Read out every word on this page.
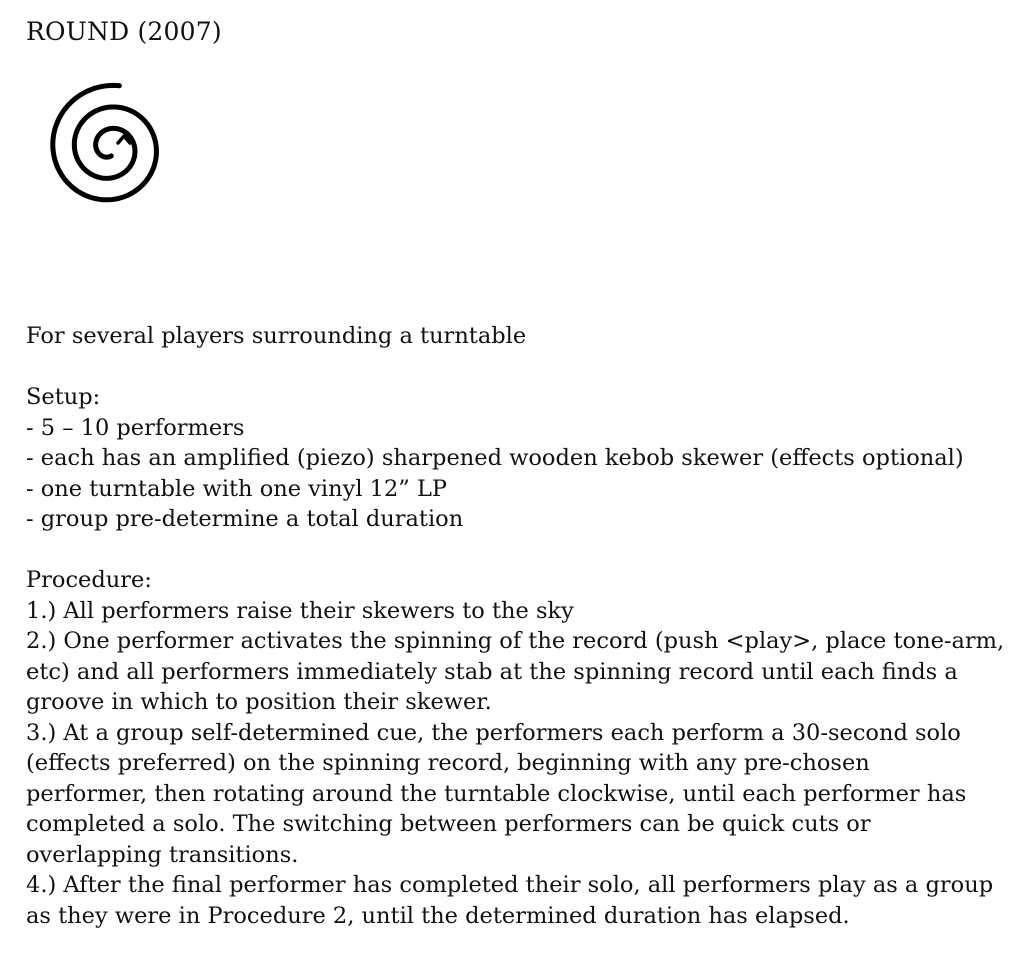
ROUND (2007)

For several players surrounding a turntable

Setup:
- 5 – 10 performers
- each has an amplified (piezo) sharpened wooden kebob skewer (effects optional)
- one turntable with one vinyl 12” LP
- group pre-determine a total duration
Procedure:
1.) All performers raise their skewers to the sky
2.) One performer activates the spinning of the record (push <play>, place tone-arm,
etc) and all performers immediately stab at the spinning record until each finds a
groove in which to position their skewer.
3.) At a group self-determined cue, the performers each perform a 30-second solo
(effects preferred) on the spinning record, beginning with any pre-chosen
performer, then rotating around the turntable clockwise, until each performer has
completed a solo. The switching between performers can be quick cuts or
overlapping transitions.
4.) After the final performer has completed their solo, all performers play as a group
as they were in Procedure 2, until the determined duration has elapsed.
